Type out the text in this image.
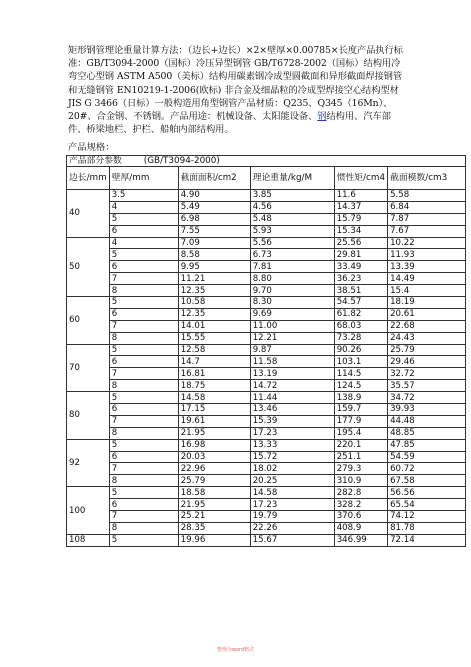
矩形钢管理论重量计算方法：（边长+边长）×2×壁厚×0.00785×长度产品执行标准：GB/T3094-2000（国标）冷压异型钢管 GB/T6728-2002（国标）结构用冷弯空心型钢 ASTM A500（美标）结构用碳素钢冷成型圆截面和异形截面焊接钢管和无缝钢管 EN10219-1-2006(欧标) 非合金及细晶粒的冷成型焊接空心结构型材 JIS G 3466（日标）一般构造用角型钢管产品材质：Q235、Q345（16Mn）、20#、合金钢、不锈钢。产品用途：机械设备、太阳能设备、钢结构用、汽车部件、桥梁地栏、护栏、船舶内部结构用。
产品规格：
产品部分参数 (GB/T3094-2000)					
边长/mm	壁厚/mm	截面面积/cm2	理论重量/kg/M	惯性矩/cm4	截面模数/cm3
40	3.5	4.90	3.85	11.6	5.58
	4	5.49	4.56	14.37	6.84
	5	6.98	5.48	15.79	7.87
	6	7.55	5.93	15.34	7.67
50	4	7.09	5.56	25.56	10.22
	5	8.58	6.73	29.81	11.93
	6	9.95	7.81	33.49	13.39
	7	11.21	8.80	36.23	14.49
	8	12.35	9.70	38.51	15.4
60	5	10.58	8.30	54.57	18.19
	6	12.35	9.69	61.82	20.61
	7	14.01	11.00	68.03	22.68
	8	15.55	12.21	73.28	24.43
70	5	12.58	9.87	90.26	25.79
	6	14.7	11.58	103.1	29.46
	7	16.81	13.19	114.5	32.72
	8	18.75	14.72	124.5	35.57
80	5	14.58	11.44	138.9	34.72
	6	17.15	13.46	159.7	39.93
	7	19.61	15.39	177.9	44.48
	8	21.95	17.23	195.4	48.85
92	5	16.98	13.33	220.1	47.85
	6	20.03	15.72	251.1	54.59
	7	22.96	18.02	279.3	60.72
	8	25.79	20.25	310.9	67.58
100	5	18.58	14.58	282.8	56.56
	6	21.95	17.23	328.2	65.54
	7	25.21	19.79	370.6	74.12
	8	28.35	22.26	408.9	81.78
108	5	19.96	15.67	346.99	72.14
整理为word格式
